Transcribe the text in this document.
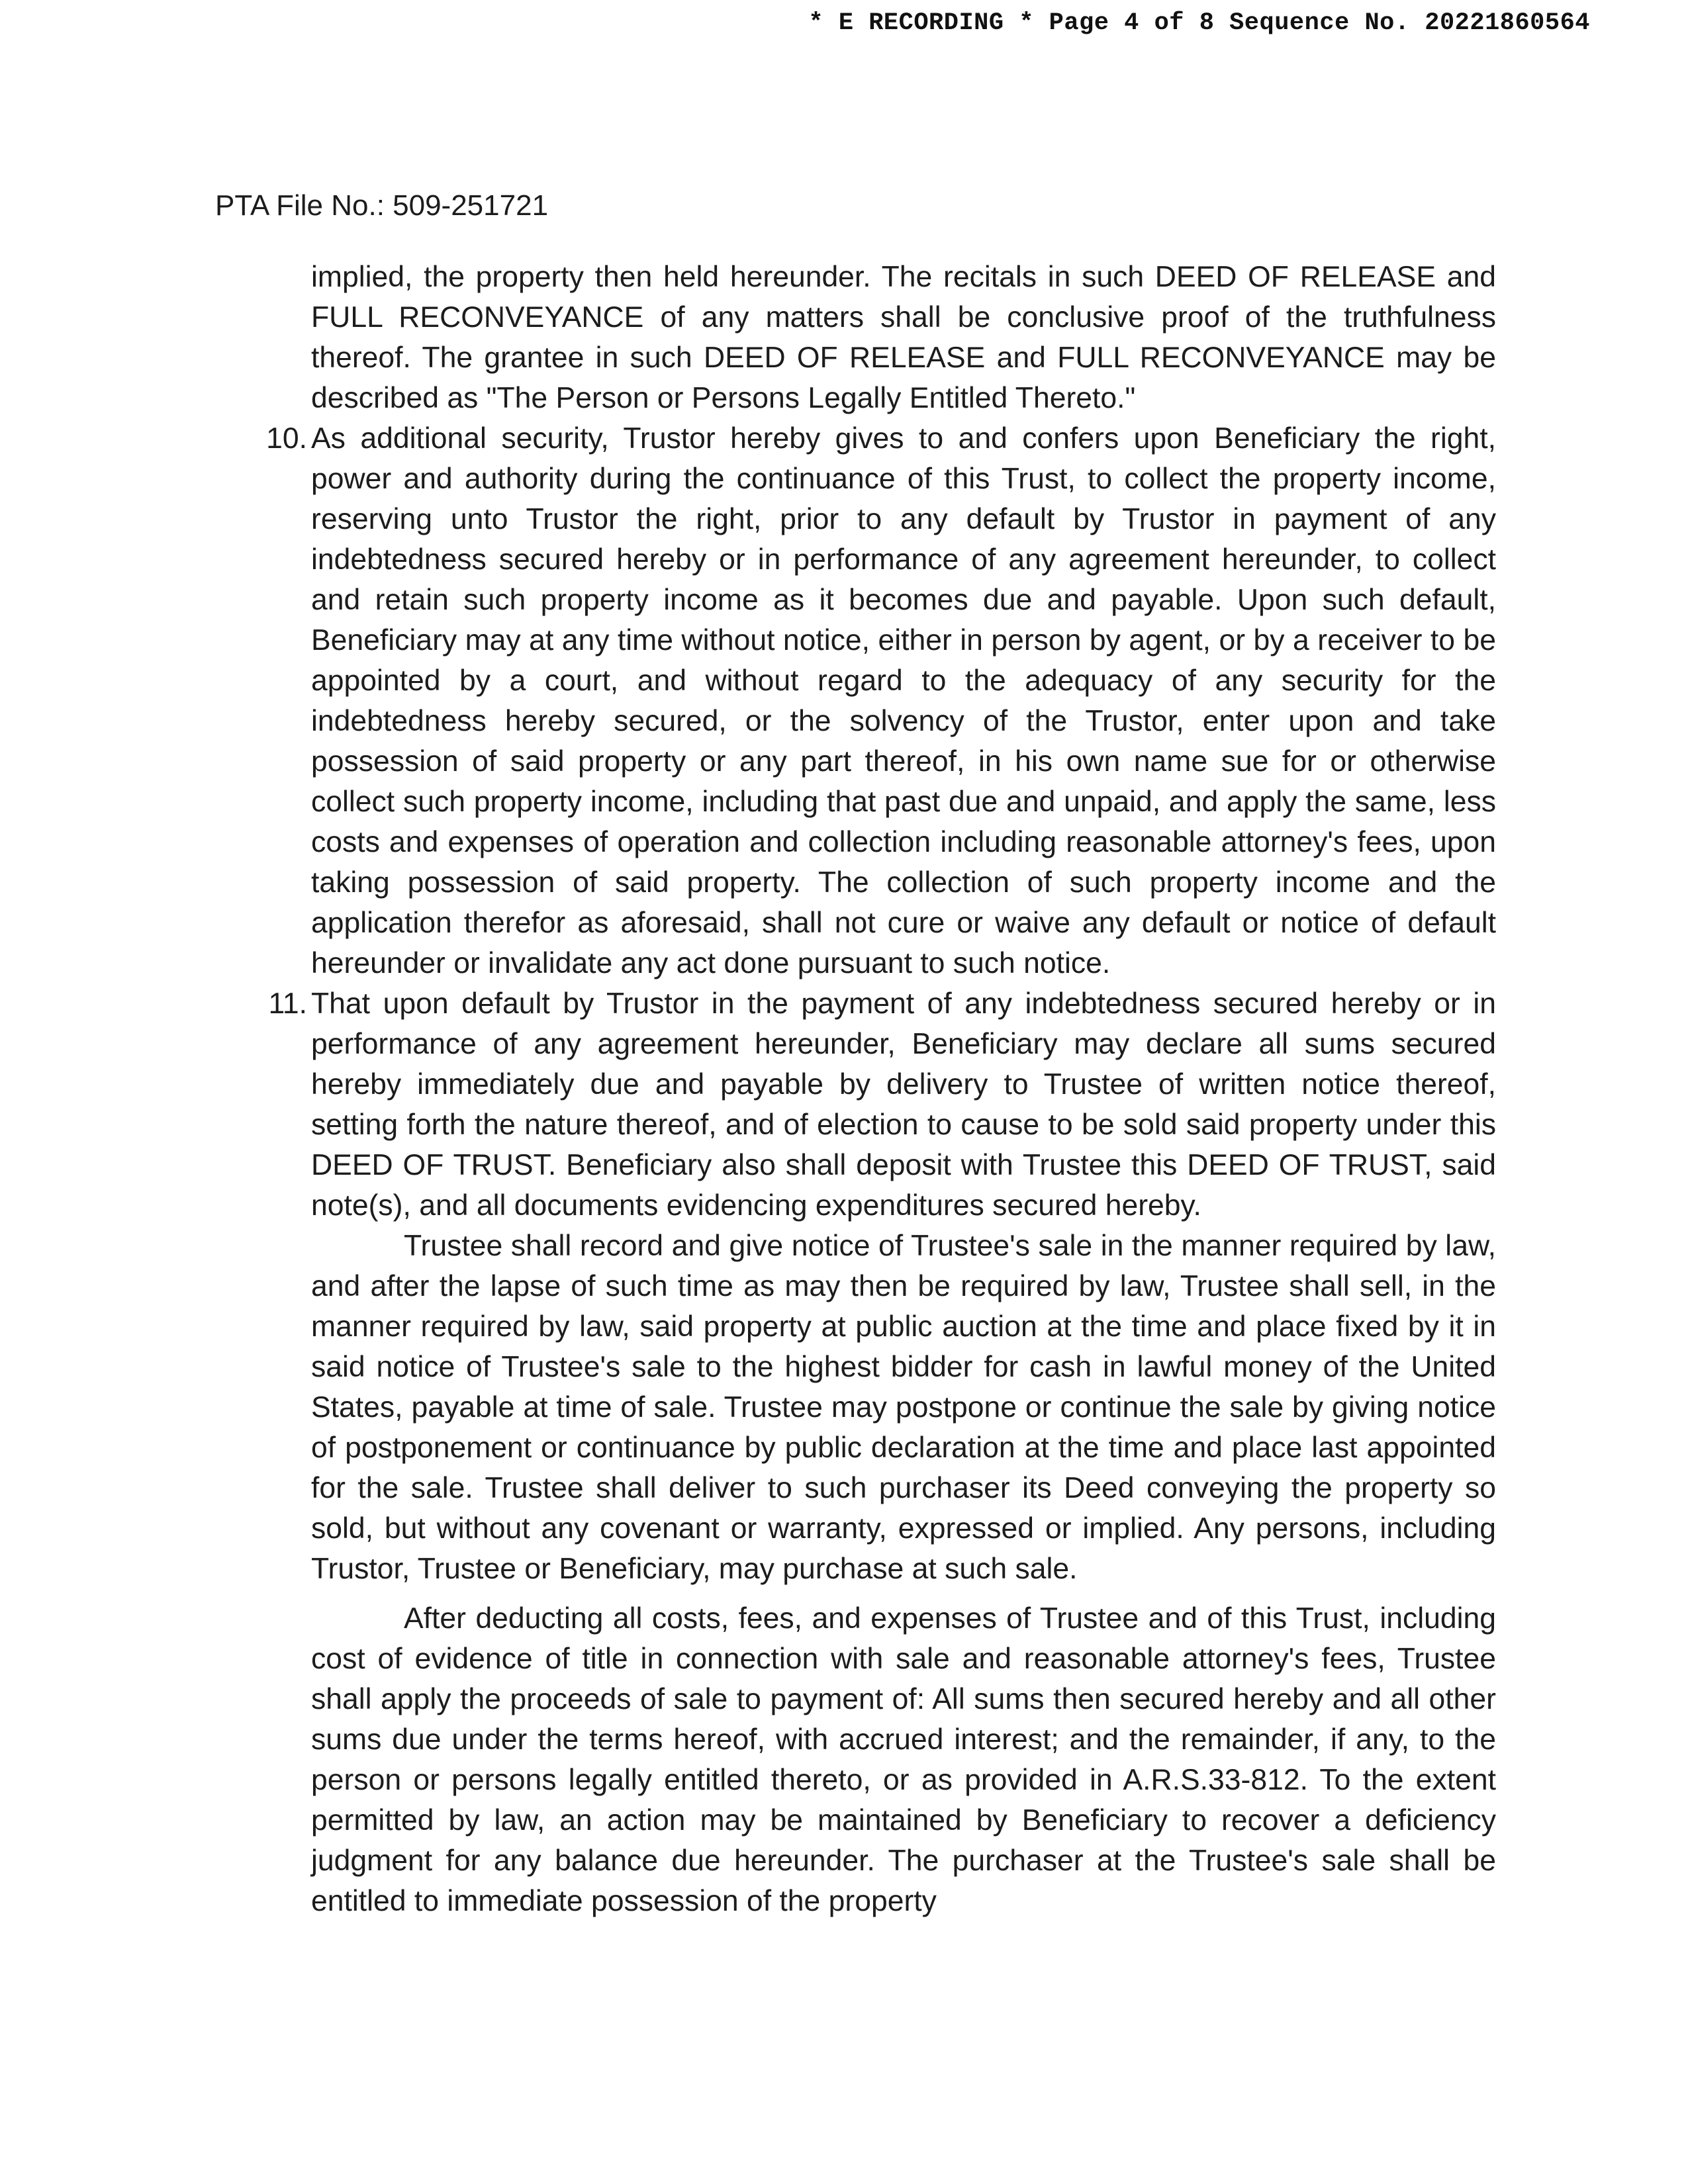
* E RECORDING * Page 4 of 8 Sequence No. 20221860564
PTA File No.: 509-251721

implied, the property then held hereunder. The recitals in such DEED OF RELEASE and FULL RECONVEYANCE of any matters shall be conclusive proof of the truthfulness thereof. The grantee in such DEED OF RELEASE and FULL RECONVEYANCE may be described as "The Person or Persons Legally Entitled Thereto."

10. As additional security, Trustor hereby gives to and confers upon Beneficiary the right, power and authority during the continuance of this Trust, to collect the property income, reserving unto Trustor the right, prior to any default by Trustor in payment of any indebtedness secured hereby or in performance of any agreement hereunder, to collect and retain such property income as it becomes due and payable. Upon such default, Beneficiary may at any time without notice, either in person by agent, or by a receiver to be appointed by a court, and without regard to the adequacy of any security for the indebtedness hereby secured, or the solvency of the Trustor, enter upon and take possession of said property or any part thereof, in his own name sue for or otherwise collect such property income, including that past due and unpaid, and apply the same, less costs and expenses of operation and collection including reasonable attorney's fees, upon taking possession of said property. The collection of such property income and the application therefor as aforesaid, shall not cure or waive any default or notice of default hereunder or invalidate any act done pursuant to such notice.

11. That upon default by Trustor in the payment of any indebtedness secured hereby or in performance of any agreement hereunder, Beneficiary may declare all sums secured hereby immediately due and payable by delivery to Trustee of written notice thereof, setting forth the nature thereof, and of election to cause to be sold said property under this DEED OF TRUST. Beneficiary also shall deposit with Trustee this DEED OF TRUST, said note(s), and all documents evidencing expenditures secured hereby.

Trustee shall record and give notice of Trustee's sale in the manner required by law, and after the lapse of such time as may then be required by law, Trustee shall sell, in the manner required by law, said property at public auction at the time and place fixed by it in said notice of Trustee's sale to the highest bidder for cash in lawful money of the United States, payable at time of sale. Trustee may postpone or continue the sale by giving notice of postponement or continuance by public declaration at the time and place last appointed for the sale. Trustee shall deliver to such purchaser its Deed conveying the property so sold, but without any covenant or warranty, expressed or implied. Any persons, including Trustor, Trustee or Beneficiary, may purchase at such sale.

After deducting all costs, fees, and expenses of Trustee and of this Trust, including cost of evidence of title in connection with sale and reasonable attorney's fees, Trustee shall apply the proceeds of sale to payment of: All sums then secured hereby and all other sums due under the terms hereof, with accrued interest; and the remainder, if any, to the person or persons legally entitled thereto, or as provided in A.R.S.33-812. To the extent permitted by law, an action may be maintained by Beneficiary to recover a deficiency judgment for any balance due hereunder. The purchaser at the Trustee's sale shall be entitled to immediate possession of the property
